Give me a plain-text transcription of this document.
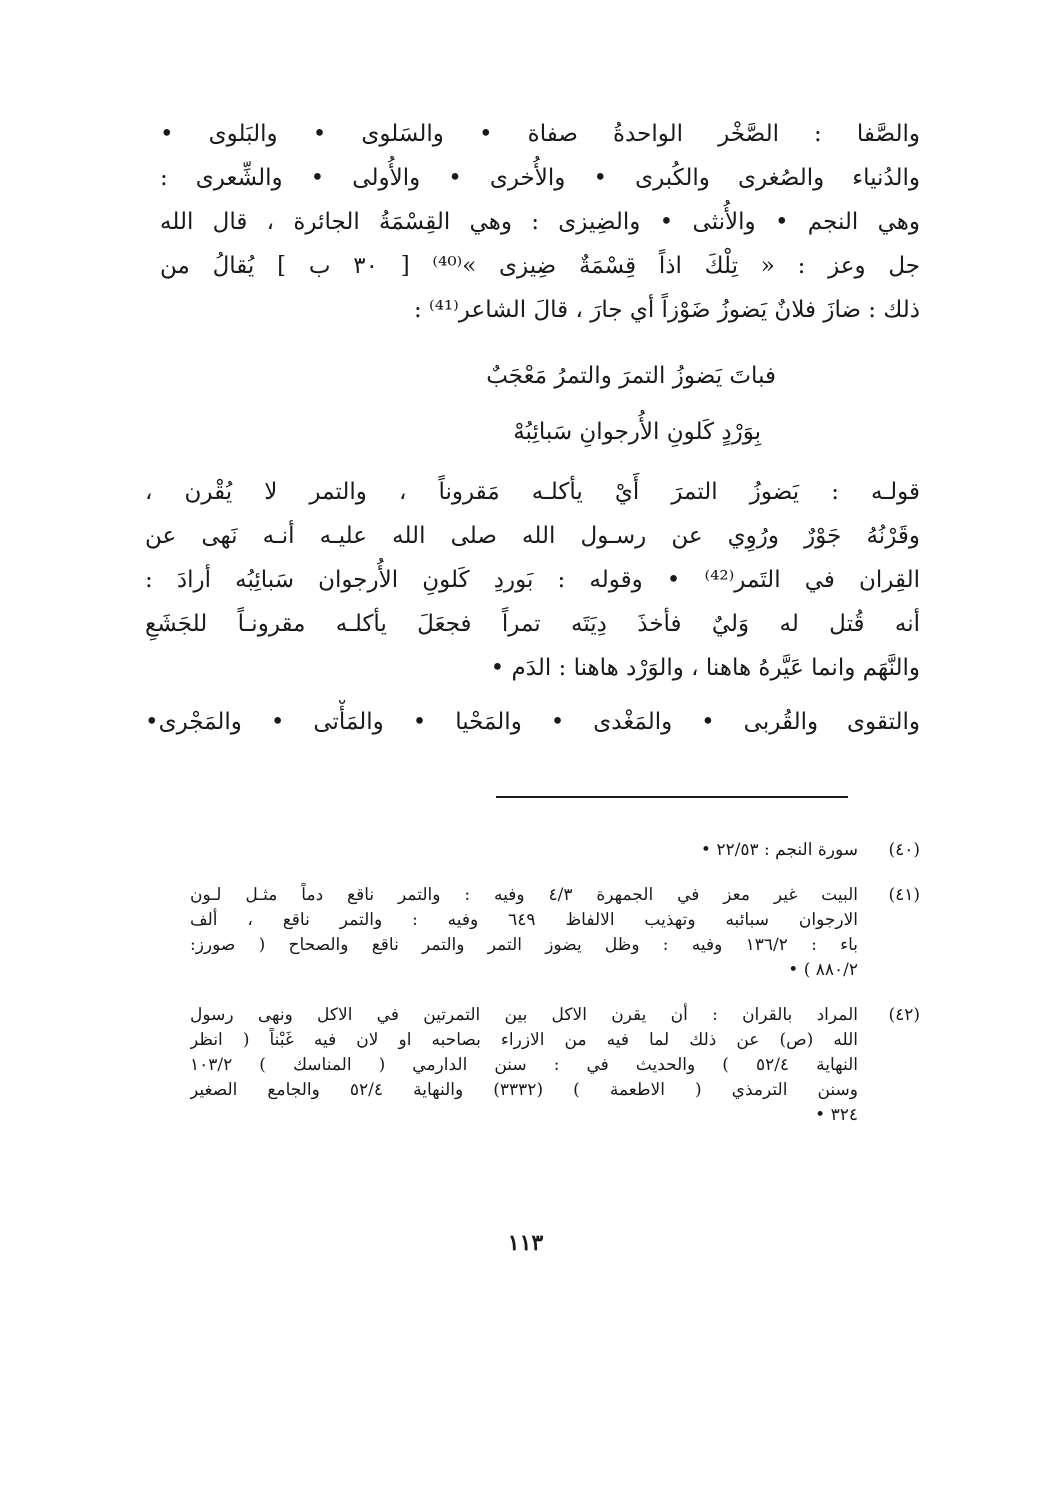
والصَّفا : الصَّخْر الواحدةُ صفاة • والسَلوى • والبَلوى •
والدُنياء والصُغرى والكُبرى • والأُخرى • والأُولى • والشِّعرى :
وهي النجم • والأُنثى • والضِيزى : وهي القِسْمَةُ الجائرة ، قال الله
جل وعز : « تِلْكَ اذاً قِسْمَةٌ ضِيزى »⁽⁴⁰⁾ [ ٣٠ ب ] يُقالُ من
ذلك : ضازَ فلانٌ يَضوزُ ضَوْزاً أي جارَ ، قالَ الشاعر⁽⁴¹⁾ :
فباتَ يَضوزُ التمرَ والتمرُ مَعْجَبٌ
بِوَرْدٍ كَلونِ الأُرجوانِ سَبائِبُهْ
قولـه : يَضوزُ التمرَ أَيْ يأكلـه مَقروناً ، والتمر لا يُقْرن ،
وقَرْنُهُ جَوْرٌ ورُوِي عن رسـول الله صلى الله عليـه أنـه نَهى عن
القِران في التَمر⁽⁴²⁾ • وقوله : بَوردِ كَلونِ الأُرجوان سَبائِبُه أرادَ :
أنه قُتل له وَليٌ فأخذَ دِيَتَه تمراً فجعَلَ يأكلـه مقرونـاً للجَشَعِ
والنَّهَم وانما عَيَّرهُ هاهنا ، والوَرْد هاهنا : الدَم •
والتقوى والقُربى • والمَغْدى • والمَحْيا • والمَأْتى • والمَجْرى•
(٤٠)
سورة النجم : ٢٢/٥٣ •
(٤١)
البيت غير معز في الجمهرة ٤/٣ وفيه : والتمر ناقع دماً مثـل لـون
الارجوان سبائبه وتهذيب الالفاظ ٦٤٩ وفيه : والتمر ناقع ، ألف
باء : ١٣٦/٢ وفيه : وظل يضوز التمر والتمر ناقع والصحاح ( صورز:
٨٨٠/٢ ) •
(٤٢)
المراد بالقران : أن يقرن الاكل بين التمرتين في الاكل ونهى رسول
الله (ص) عن ذلك لما فيه من الازراء بصاحبه او لان فيه غَبْناً ( انظر
النهاية ٥٢/٤ ) والحديث في : سنن الدارمي ( المناسك ) ١٠٣/٢
وسنن الترمذي ( الاطعمة ) (٣٣٣٢) والنهاية ٥٢/٤ والجامع الصغير
٣٢٤ •
١١٣
